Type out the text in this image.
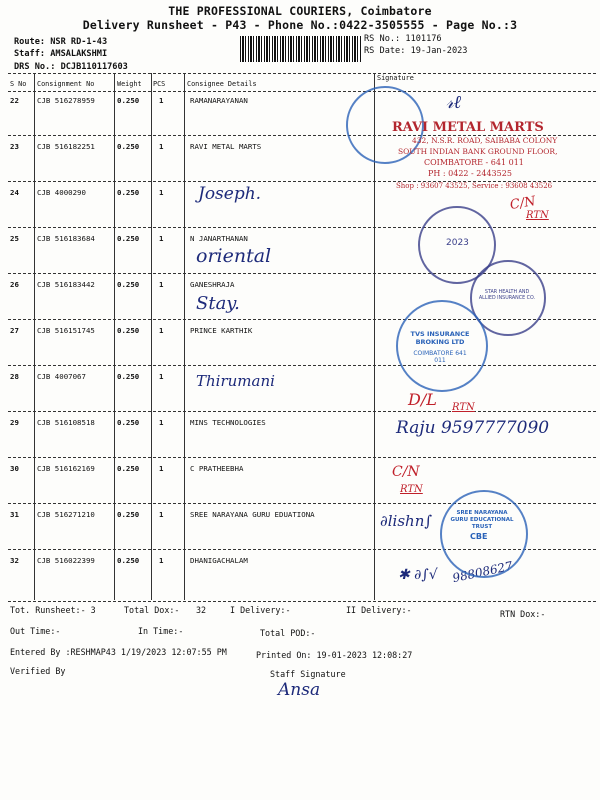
THE PROFESSIONAL COURIERS, Coimbatore
Delivery Runsheet - P43 - Phone No.:0422-3505555 - Page No.:3
Route: NSR RD-1-43
Staff: AMSALAKSHMI
DRS No.: DCJB110117603
RS No.: 1101176
RS Date: 19-Jan-2023
S No Consignment No	Weight PCS	Consignee Details
Signature
22 CJB 516278959	0.250	1	RAMANARAYANAN
23 CJB 516182251	0.250	1	RAVI METAL MARTS
24 CJB 4000290	0.250	1
25 CJB 516183684	0.250	1	N JANARTHANAN
26 CJB 516183442	0.250	1	GANESHRAJA
27 CJB 516151745	0.250	1	PRINCE KARTHIK
28 CJB 4007067	0.250	1
29 CJB 516108518	0.250	1	MINS TECHNOLOGIES
30 CJB 516162169	0.250	1	C PRATHEEBHA
31 CJB 516271210	0.250	1	SREE NARAYANA GURU EDUATIONA
32 CJB 516022399	0.250	1	DHANIGACHALAM
Joseph.
oriental
Stay.
Thirumani
Raju 9597777090
98808627
✱ ∂∫√
∂lishn∫
𝓇ℓ
Ansa
C/N
RTN
D/L RTN
C/N
RTN
RAVI METAL MARTS
432, N.S.R. ROAD, SAIBABA COLONY
SOUTH INDIAN BANK GROUND FLOOR,
COIMBATORE - 641 011
PH : 0422 - 2443525
Shop : 93607 43525, Service : 93608 43526
2023
STAR HEALTH AND ALLIED INSURANCE CO.
TVS INSURANCE BROKING LTD
COIMBATORE 641 011
SREE NARAYANA GURU EDUCATIONAL TRUST
CBE
Tot. Runsheet:- 3	Total Dox:- 32	I Delivery:-	II Delivery:-	RTN Dox:-
Out Time:-	In Time:-	Total POD:-
Entered By :RESHMAP43 1/19/2023 12:07:55 PM	Printed On: 19-01-2023 12:08:27
Verified By	Staff Signature
